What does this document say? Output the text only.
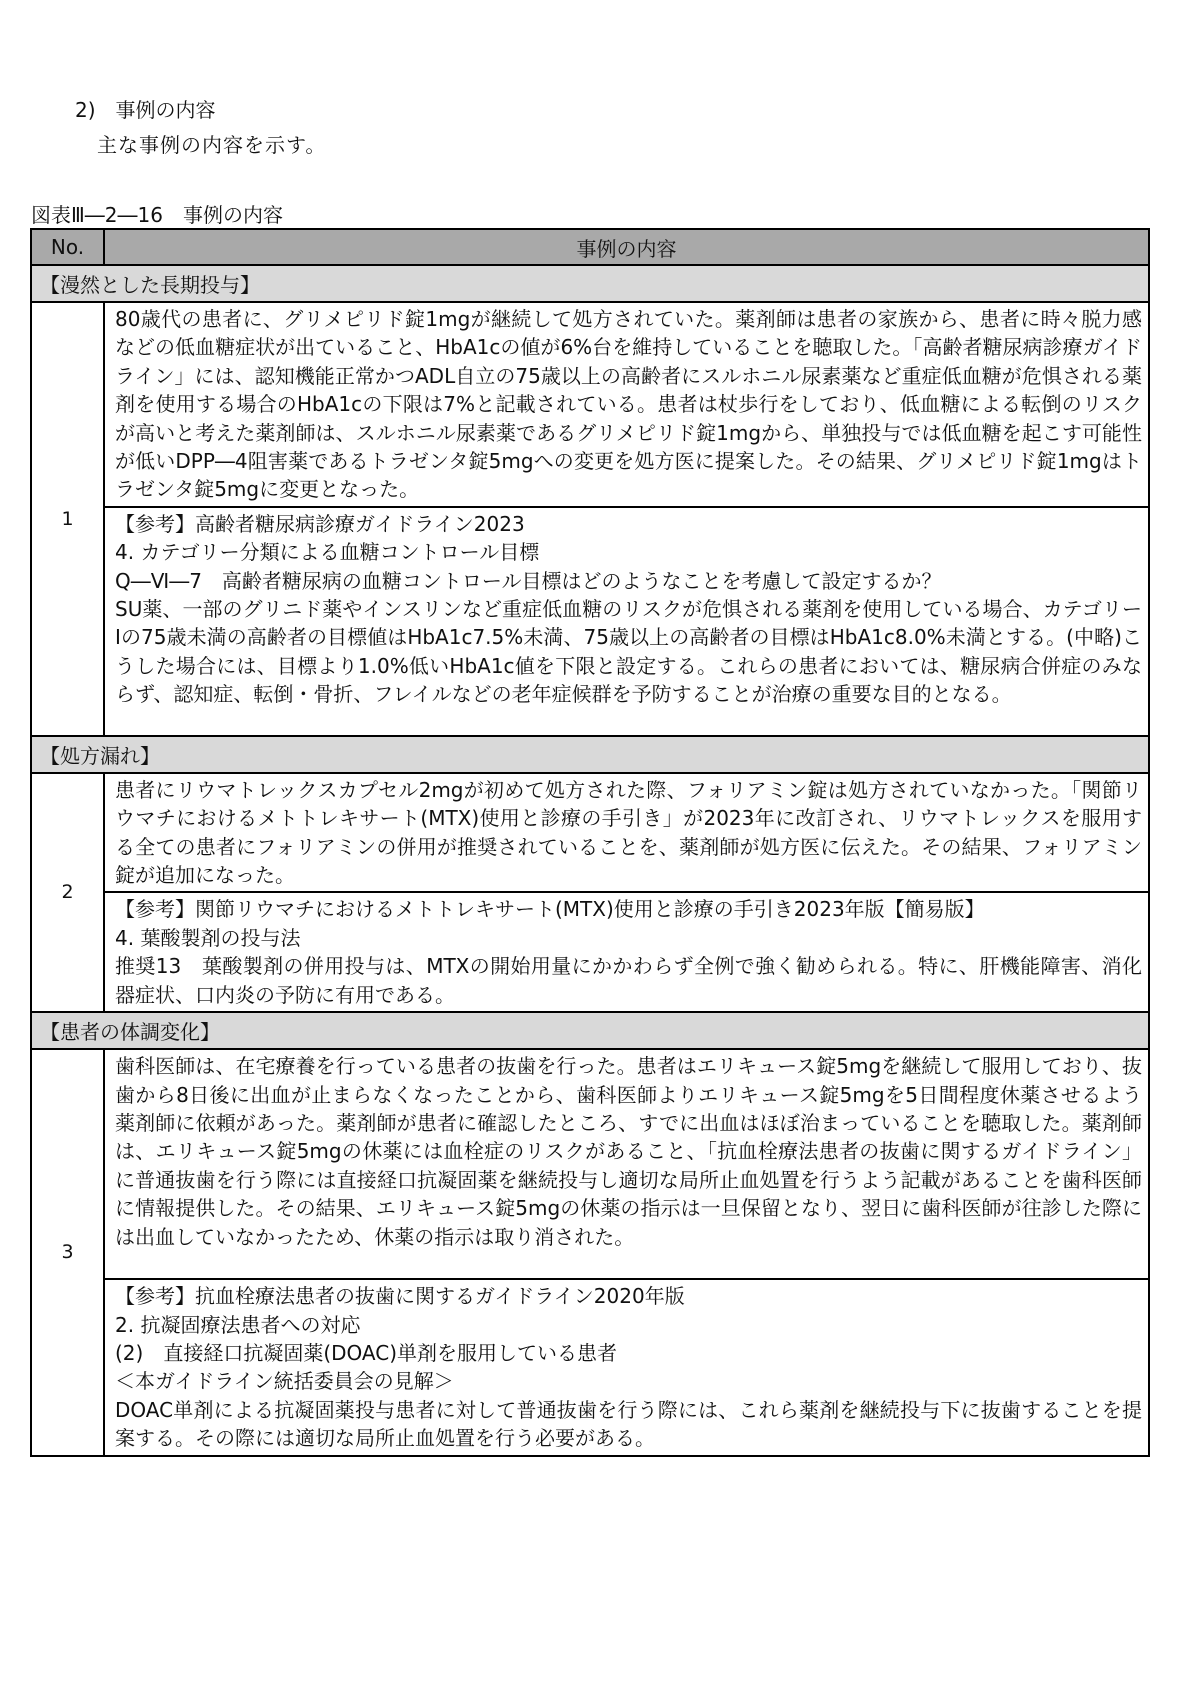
2)　事例の内容
主な事例の内容を示す。
図表Ⅲ―2―16　事例の内容
No.	事例の内容
【漫然とした長期投与】	
1	80歳代の患者に、グリメピリド錠1mgが継続して処方されていた。薬剤師は患者の家族から、患者に時々脱力感などの低血糖症状が出ていること、HbA1cの値が6%台を維持していることを聴取した。「高齢者糖尿病診療ガイドライン」には、認知機能正常かつADL自立の75歳以上の高齢者にスルホニル尿素薬など重症低血糖が危惧される薬剤を使用する場合のHbA1cの下限は7%と記載されている。患者は杖歩行をしており、低血糖による転倒のリスクが高いと考えた薬剤師は、スルホニル尿素薬であるグリメピリド錠1mgから、単独投与では低血糖を起こす可能性が低いDPP―4阻害薬であるトラゼンタ錠5mgへの変更を処方医に提案した。その結果、グリメピリド錠1mgはトラゼンタ錠5mgに変更となった。

	【参考】高齢者糖尿病診療ガイドライン2023

4. カテゴリー分類による血糖コントロール目標

Q―Ⅵ―7　高齢者糖尿病の血糖コントロール目標はどのようなことを考慮して設定するか？

SU薬、一部のグリニド薬やインスリンなど重症低血糖のリスクが危惧される薬剤を使用している場合、カテゴリーⅠの75歳未満の高齢者の目標値はHbA1c7.5%未満、75歳以上の高齢者の目標はHbA1c8.0%未満とする。(中略)こうした場合には、目標より1.0%低いHbA1c値を下限と設定する。これらの患者においては、糖尿病合併症のみならず、認知症、転倒・骨折、フレイルなどの老年症候群を予防することが治療の重要な目的となる。

【処方漏れ】	
2	患者にリウマトレックスカプセル2mgが初めて処方された際、フォリアミン錠は処方されていなかった。「関節リウマチにおけるメトトレキサート(MTX)使用と診療の手引き」が2023年に改訂され、リウマトレックスを服用する全ての患者にフォリアミンの併用が推奨されていることを、薬剤師が処方医に伝えた。その結果、フォリアミン錠が追加になった。

	【参考】関節リウマチにおけるメトトレキサート(MTX)使用と診療の手引き2023年版【簡易版】

4. 葉酸製剤の投与法

推奨13　葉酸製剤の併用投与は、MTXの開始用量にかかわらず全例で強く勧められる。特に、肝機能障害、消化器症状、口内炎の予防に有用である。

【患者の体調変化】	
3	歯科医師は、在宅療養を行っている患者の抜歯を行った。患者はエリキュース錠5mgを継続して服用しており、抜歯から8日後に出血が止まらなくなったことから、歯科医師よりエリキュース錠5mgを5日間程度休薬させるよう薬剤師に依頼があった。薬剤師が患者に確認したところ、すでに出血はほぼ治まっていることを聴取した。薬剤師は、エリキュース錠5mgの休薬には血栓症のリスクがあること、「抗血栓療法患者の抜歯に関するガイドライン」に普通抜歯を行う際には直接経口抗凝固薬を継続投与し適切な局所止血処置を行うよう記載があることを歯科医師に情報提供した。その結果、エリキュース錠5mgの休薬の指示は一旦保留となり、翌日に歯科医師が往診した際には出血していなかったため、休薬の指示は取り消された。

	【参考】抗血栓療法患者の抜歯に関するガイドライン2020年版

2. 抗凝固療法患者への対応

(2)　直接経口抗凝固薬(DOAC)単剤を服用している患者

＜本ガイドライン統括委員会の見解＞

DOAC単剤による抗凝固薬投与患者に対して普通抜歯を行う際には、これら薬剤を継続投与下に抜歯することを提案する。その際には適切な局所止血処置を行う必要がある。
